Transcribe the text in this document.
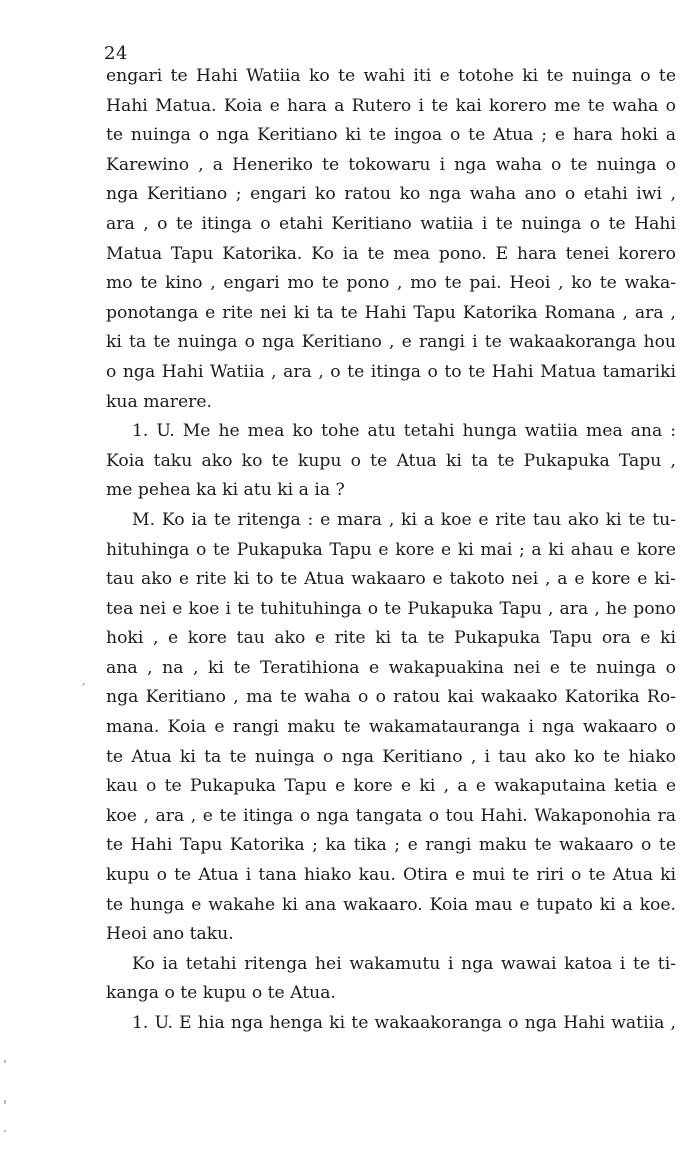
24
engari te Hahi Watiia ko te wahi iti e totohe ki te nuinga o te
Hahi Matua. Koia e hara a Rutero i te kai korero me te waha o
te nuinga o nga Keritiano ki te ingoa o te Atua ; e hara hoki a
Karewino , a Heneriko te tokowaru i nga waha o te nuinga o
nga Keritiano ; engari ko ratou ko nga waha ano o etahi iwi ,
ara , o te itinga o etahi Keritiano watiia i te nuinga o te Hahi
Matua Tapu Katorika. Ko ia te mea pono. E hara tenei korero
mo te kino , engari mo te pono , mo te pai. Heoi , ko te waka-
ponotanga e rite nei ki ta te Hahi Tapu Katorika Romana , ara ,
ki ta te nuinga o nga Keritiano , e rangi i te wakaakoranga hou
o nga Hahi Watiia , ara , o te itinga o to te Hahi Matua tamariki
kua marere.
1. U. Me he mea ko tohe atu tetahi hunga watiia mea ana :
Koia taku ako ko te kupu o te Atua ki ta te Pukapuka Tapu ,
me pehea ka ki atu ki a ia ?
M. Ko ia te ritenga : e mara , ki a koe e rite tau ako ki te tu-
hituhinga o te Pukapuka Tapu e kore e ki mai ; a ki ahau e kore
tau ako e rite ki to te Atua wakaaro e takoto nei , a e kore e ki-
tea nei e koe i te tuhituhinga o te Pukapuka Tapu , ara , he pono
hoki , e kore tau ako e rite ki ta te Pukapuka Tapu ora e ki
ana , na , ki te Teratihiona e wakapuakina nei e te nuinga o
nga Keritiano , ma te waha o o ratou kai wakaako Katorika Ro-
mana. Koia e rangi maku te wakamatauranga i nga wakaaro o
te Atua ki ta te nuinga o nga Keritiano , i tau ako ko te hiako
kau o te Pukapuka Tapu e kore e ki , a e wakaputaina ketia e
koe , ara , e te itinga o nga tangata o tou Hahi. Wakaponohia ra
te Hahi Tapu Katorika ; ka tika ; e rangi maku te wakaaro o te
kupu o te Atua i tana hiako kau. Otira e mui te riri o te Atua ki
te hunga e wakahe ki ana wakaaro. Koia mau e tupato ki a koe.
Heoi ano taku.
Ko ia tetahi ritenga hei wakamutu i nga wawai katoa i te ti-
kanga o te kupu o te Atua.
1. U. E hia nga henga ki te wakaakoranga o nga Hahi watiia ,
